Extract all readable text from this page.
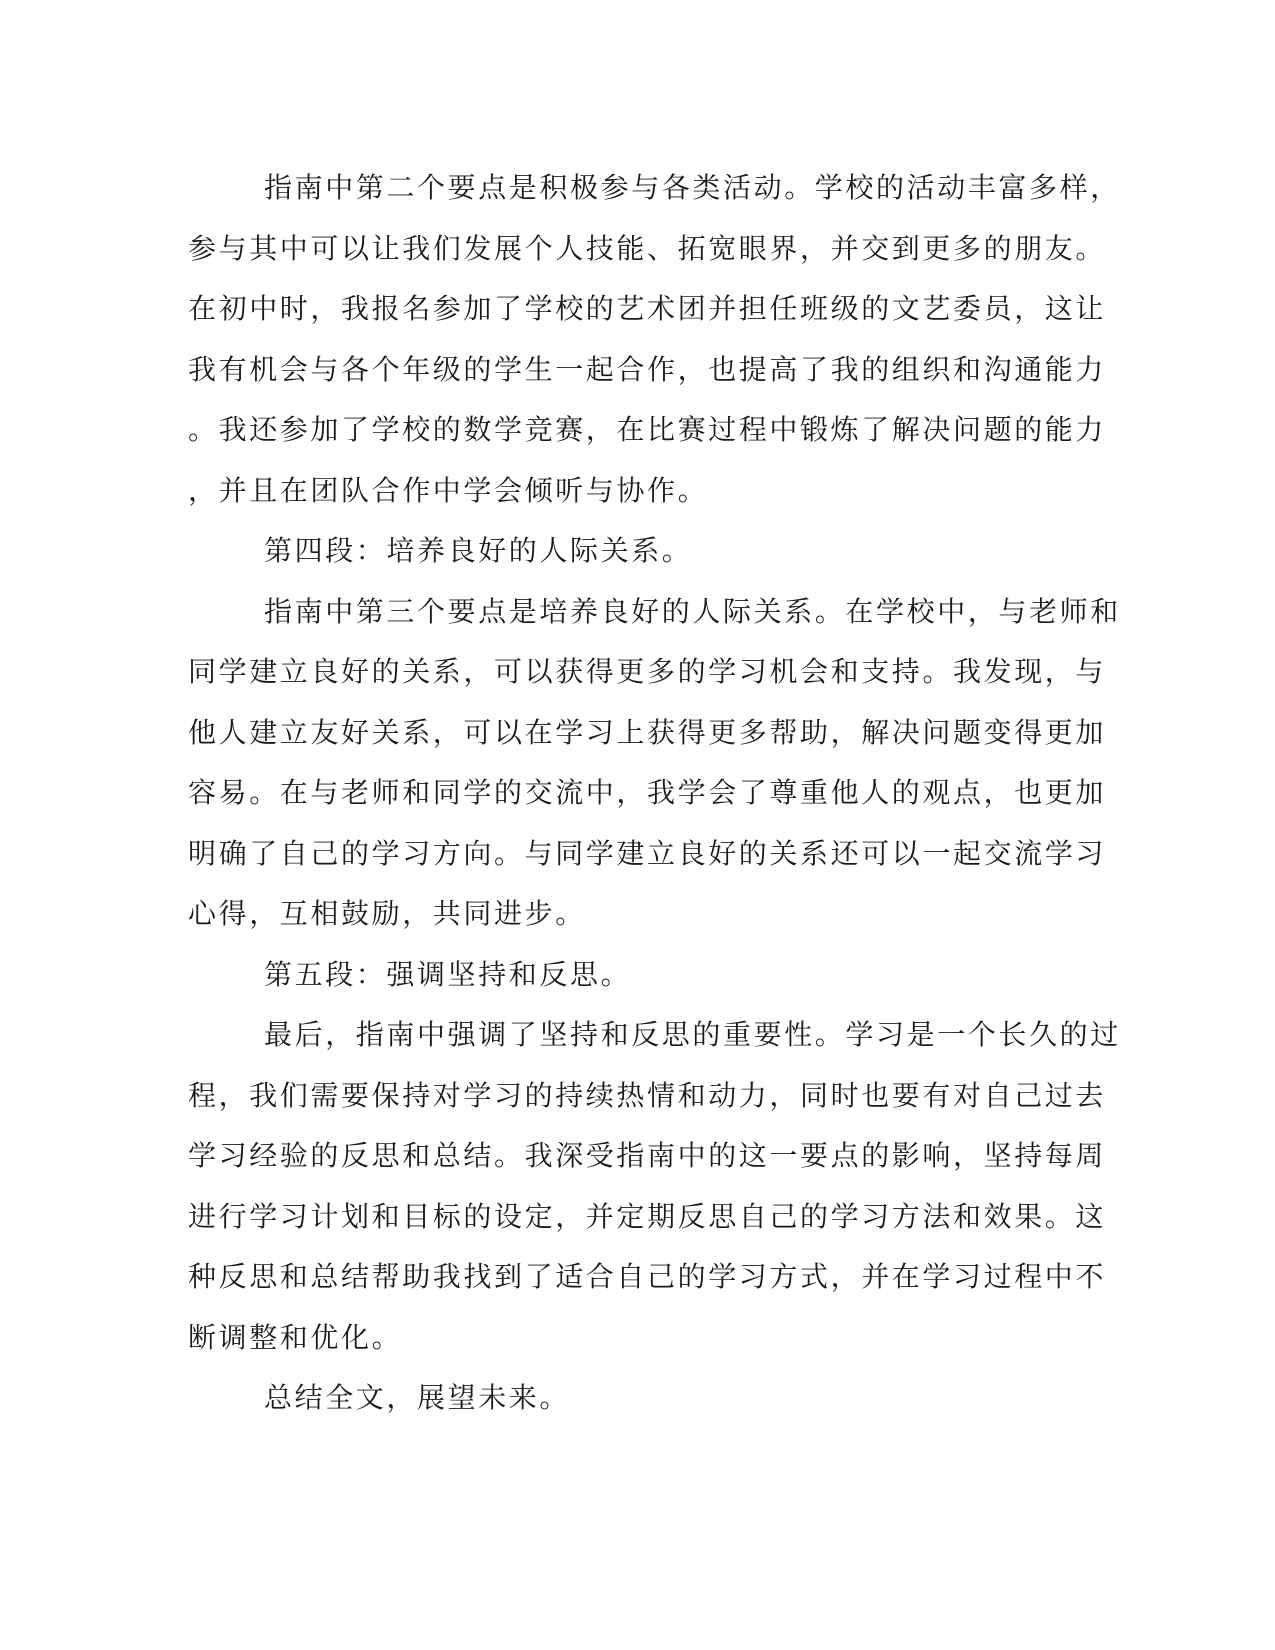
指南中第二个要点是积极参与各类活动。学校的活动丰富多样，
参与其中可以让我们发展个人技能、拓宽眼界，并交到更多的朋友。
在初中时，我报名参加了学校的艺术团并担任班级的文艺委员，这让
我有机会与各个年级的学生一起合作，也提高了我的组织和沟通能力
。我还参加了学校的数学竞赛，在比赛过程中锻炼了解决问题的能力
，并且在团队合作中学会倾听与协作。
第四段：培养良好的人际关系。
指南中第三个要点是培养良好的人际关系。在学校中，与老师和
同学建立良好的关系，可以获得更多的学习机会和支持。我发现，与
他人建立友好关系，可以在学习上获得更多帮助，解决问题变得更加
容易。在与老师和同学的交流中，我学会了尊重他人的观点，也更加
明确了自己的学习方向。与同学建立良好的关系还可以一起交流学习
心得，互相鼓励，共同进步。
第五段：强调坚持和反思。
最后，指南中强调了坚持和反思的重要性。学习是一个长久的过
程，我们需要保持对学习的持续热情和动力，同时也要有对自己过去
学习经验的反思和总结。我深受指南中的这一要点的影响，坚持每周
进行学习计划和目标的设定，并定期反思自己的学习方法和效果。这
种反思和总结帮助我找到了适合自己的学习方式，并在学习过程中不
断调整和优化。
总结全文，展望未来。
